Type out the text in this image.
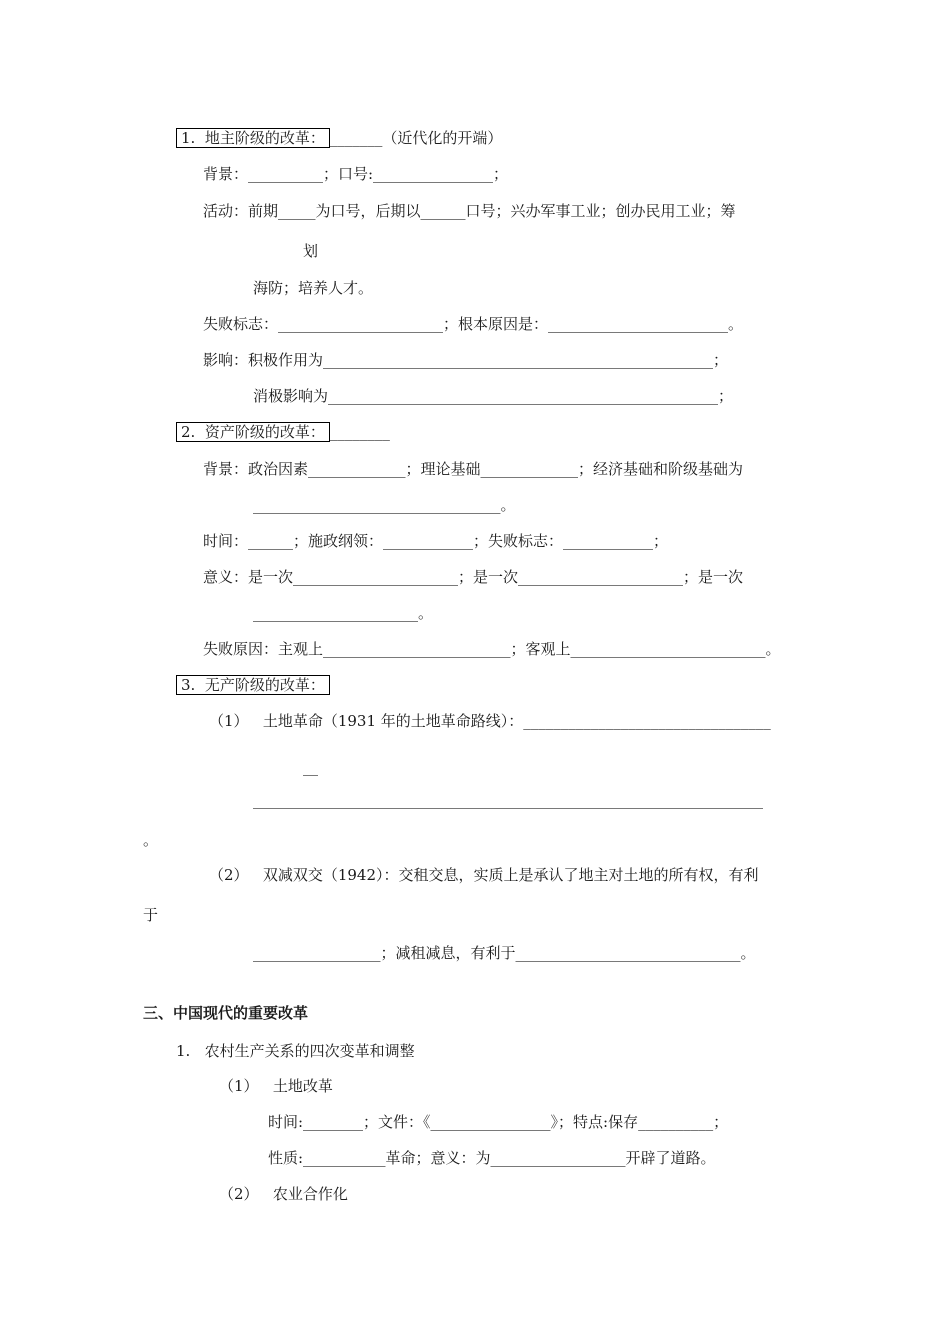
1.  地主阶级的改革： _______（近代化的开端）
背景：__________；口号:________________；
活动：前期_____为口号，后期以______口号；兴办军事工业；创办民用工业；筹
划
海防；培养人才。
失败标志：______________________；根本原因是：________________________。
影响：积极作用为____________________________________________________；
消极影响为____________________________________________________；
2.  资产阶级的改革： ________
背景：政治因素_____________；理论基础_____________；经济基础和阶级基础为
_________________________________。
时间：______；施政纲领：____________；失败标志：____________；
意义：是一次______________________；是一次______________________；是一次
______________________。
失败原因：主观上_________________________；客观上__________________________。
3.  无产阶级的改革：
（1）   土地革命（1931 年的土地革命路线）：_________________________________
__
____________________________________________________________________
。
（2）   双减双交（1942）：交租交息，实质上是承认了地主对土地的所有权，有利
于
_________________；减租减息，有利于______________________________。
三、中国现代的重要改革
1.   农村生产关系的四次变革和调整
（1）   土地改革
时间:________；文件：《________________》；特点:保存__________；
性质:___________革命；意义：为__________________开辟了道路。
（2）   农业合作化
